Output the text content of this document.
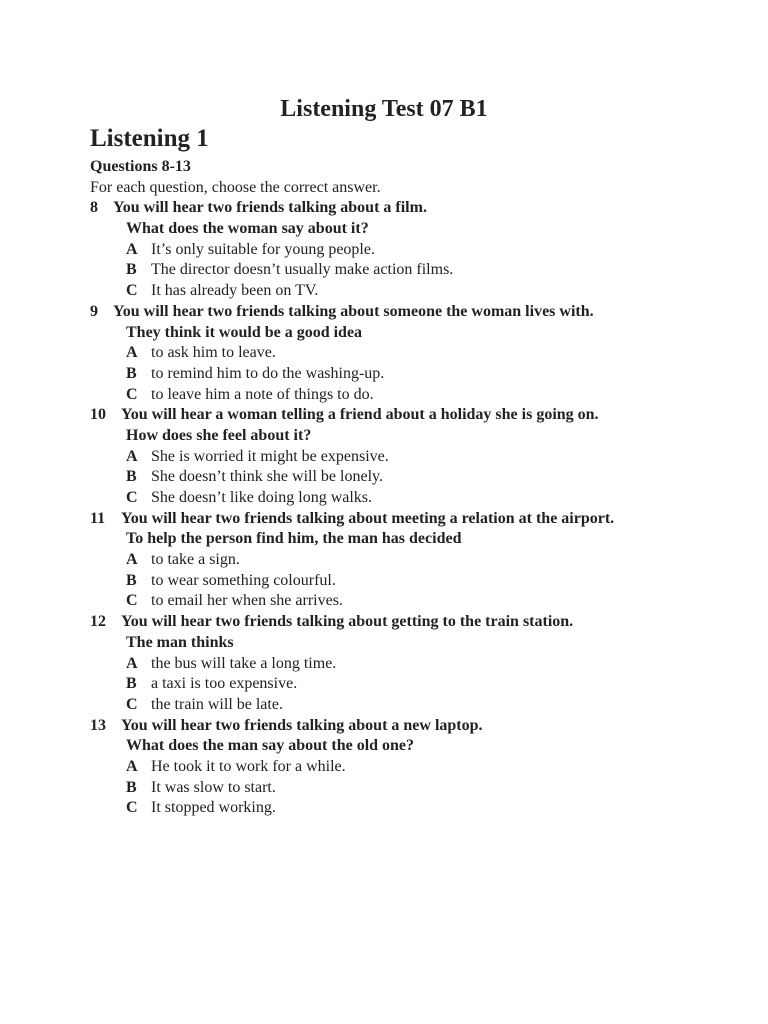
Listening Test 07 B1
Listening 1
Questions 8-13
For each question, choose the correct answer.
8 You will hear two friends talking about a film.
What does the woman say about it?
A It’s only suitable for young people.
B The director doesn’t usually make action films.
C It has already been on TV.
9 You will hear two friends talking about someone the woman lives with.
They think it would be a good idea
A to ask him to leave.
B to remind him to do the washing-up.
C to leave him a note of things to do.
10 You will hear a woman telling a friend about a holiday she is going on.
How does she feel about it?
A She is worried it might be expensive.
B She doesn’t think she will be lonely.
C She doesn’t like doing long walks.
11 You will hear two friends talking about meeting a relation at the airport.
To help the person find him, the man has decided
A to take a sign.
B to wear something colourful.
C to email her when she arrives.
12 You will hear two friends talking about getting to the train station.
The man thinks
A the bus will take a long time.
B a taxi is too expensive.
C the train will be late.
13 You will hear two friends talking about a new laptop.
What does the man say about the old one?
A He took it to work for a while.
B It was slow to start.
C It stopped working.
